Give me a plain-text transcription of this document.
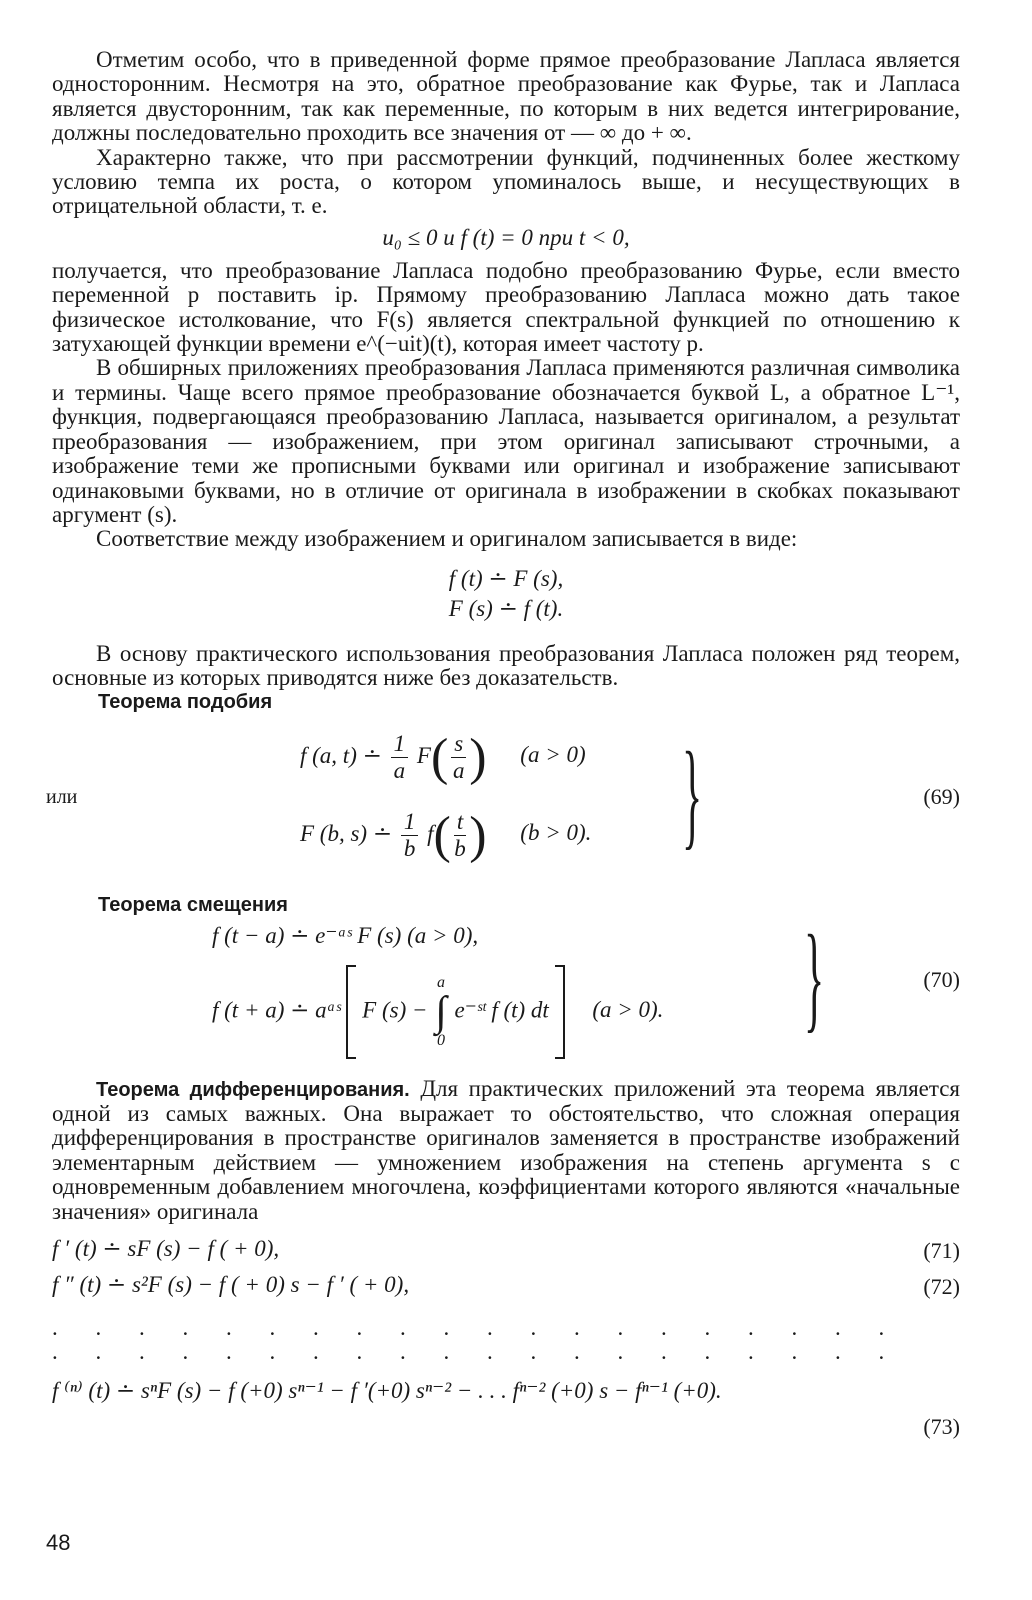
Отметим особо, что в приведенной форме прямое преобразование Лапласа является односторонним. Несмотря на это, обратное преобразование как Фурье, так и Лапласа является двусторонним, так как переменные, по которым в них ведется интегрирование, должны последовательно проходить все значения от — ∞ до + ∞.

Характерно также, что при рассмотрении функций, подчиненных более жесткому условию темпа их роста, о котором упоминалось выше, и несуществующих в отрицательной области, т. е.

u₀ ≤ 0 и f (t) = 0 при t < 0,

получается, что преобразование Лапласа подобно преобразованию Фурье, если вместо переменной p поставить ip. Прямому преобразованию Лапласа можно дать такое физическое истолкование, что F(s) является спектральной функцией по отношению к затухающей функции времени e^(−uit)(t), которая имеет частоту p.

В обширных приложениях преобразования Лапласа применяются различная символика и термины. Чаще всего прямое преобразование обозначается буквой L, а обратное L⁻¹, функция, подвергающаяся преобразованию Лапласа, называется оригиналом, а результат преобразования — изображением, при этом оригинал записывают строчными, а изображение теми же прописными буквами или оригинал и изображение записывают одинаковыми буквами, но в отличие от оригинала в изображении в скобках показывают аргумент (s).

Соответствие между изображением и оригиналом записывается в виде:

f (t) ∸ F (s),
F (s) ∸ f (t).

В основу практического использования преобразования Лапласа положен ряд теорем, основные из которых приводятся ниже без доказательств.

Теорема подобия
f (a, t) ∸ $\frac{1}{a} F( \frac{s}{a}$ ) (a > 0)
или
F (b, s) ∸ $\frac{1}{b} f( \frac{t}{b}$ ) (b > 0). }	(69)
Теорема смещения
f (t − a) ∸ e⁻ᵃˢ F (s) (a > 0),
f (t + a) ∸ aᵃˢ F (s) −
a
∫
0
e⁻ˢᵗ f (t) dt (a > 0). }	(70)

Теорема дифференцирования. Для практических приложений эта теорема является одной из самых важных. Она выражает то обстоятельство, что сложная операция дифференцирования в пространстве оригиналов заменяется в пространстве изображений элементарным действием — умножением изображения на степень аргумента s с одновременным добавлением многочлена, коэффициентами которого являются «начальные значения» оригинала

f ′ (t) ∸ sF (s) − f ( + 0),	(71)
f ″ (t) ∸ s²F (s) − f ( + 0) s − f ′ ( + 0),	(72)
. . . . . . . . . . . . . . . . . . . .
. . . . . . . . . . . . . . . . . . . .
f ⁽ⁿ⁾ (t) ∸ sⁿF (s) − f (+0) sⁿ⁻¹ − f ′(+0) sⁿ⁻² − . . . fⁿ⁻² (+0) s − fⁿ⁻¹ (+0).
(73)
48
